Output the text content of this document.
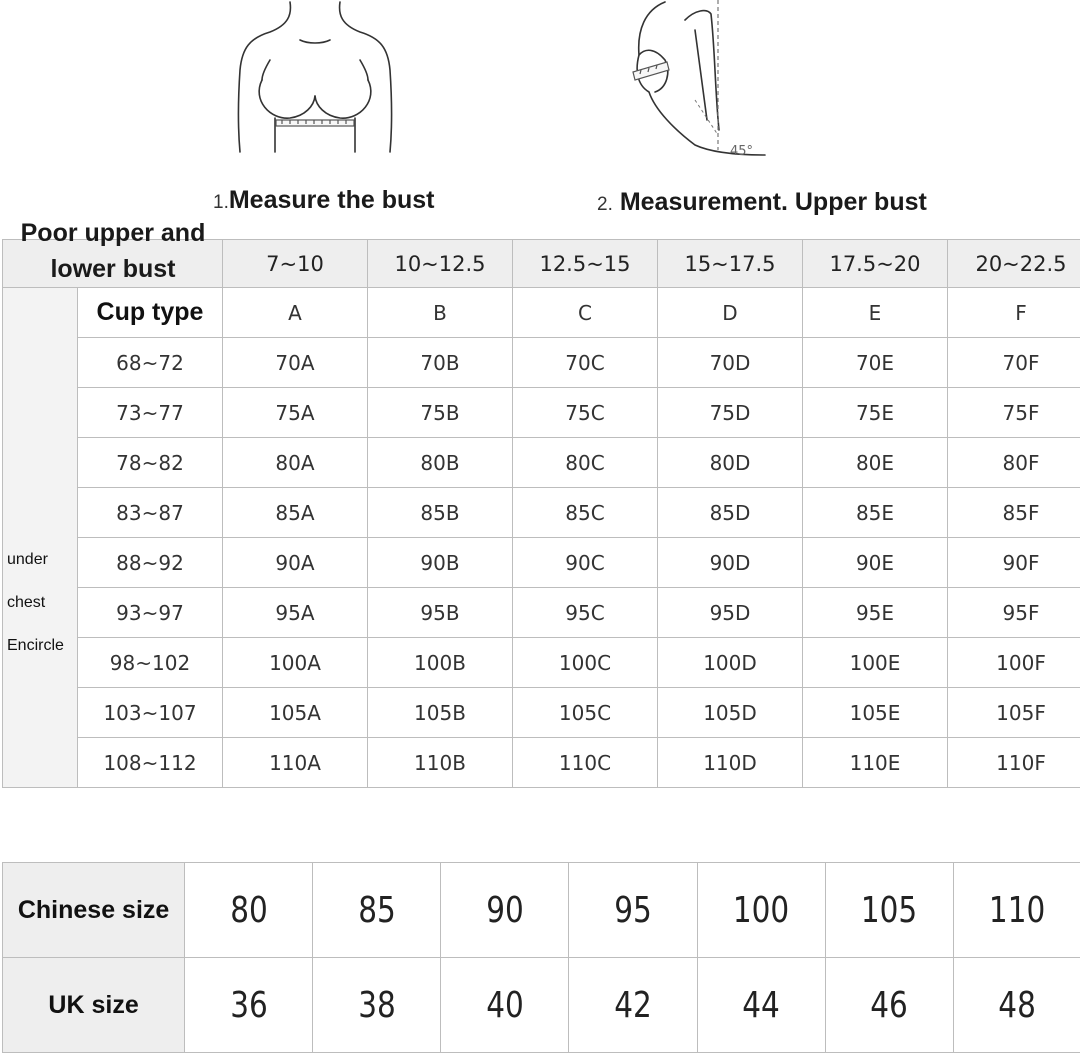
45°
1.Measure the bust	2. Measurement. Upper bust
Poor upper and lower bust
		7~10	10~12.5	12.5~15	15~17.5	17.5~20	20~22.5

under
chest
Encircle	Cup type	A	B	C	D	E	F
	68~72	70A	70B	70C	70D	70E	70F
	73~77	75A	75B	75C	75D	75E	75F
	78~82	80A	80B	80C	80D	80E	80F
	83~87	85A	85B	85C	85D	85E	85F
	88~92	90A	90B	90C	90D	90E	90F
	93~97	95A	95B	95C	95D	95E	95F
	98~102	100A	100B	100C	100D	100E	100F
	103~107	105A	105B	105C	105D	105E	105F
	108~112	110A	110B	110C	110D	110E	110F
Chinese size	80	85	90	95	100	105	110
UK size	36	38	40	42	44	46	48
